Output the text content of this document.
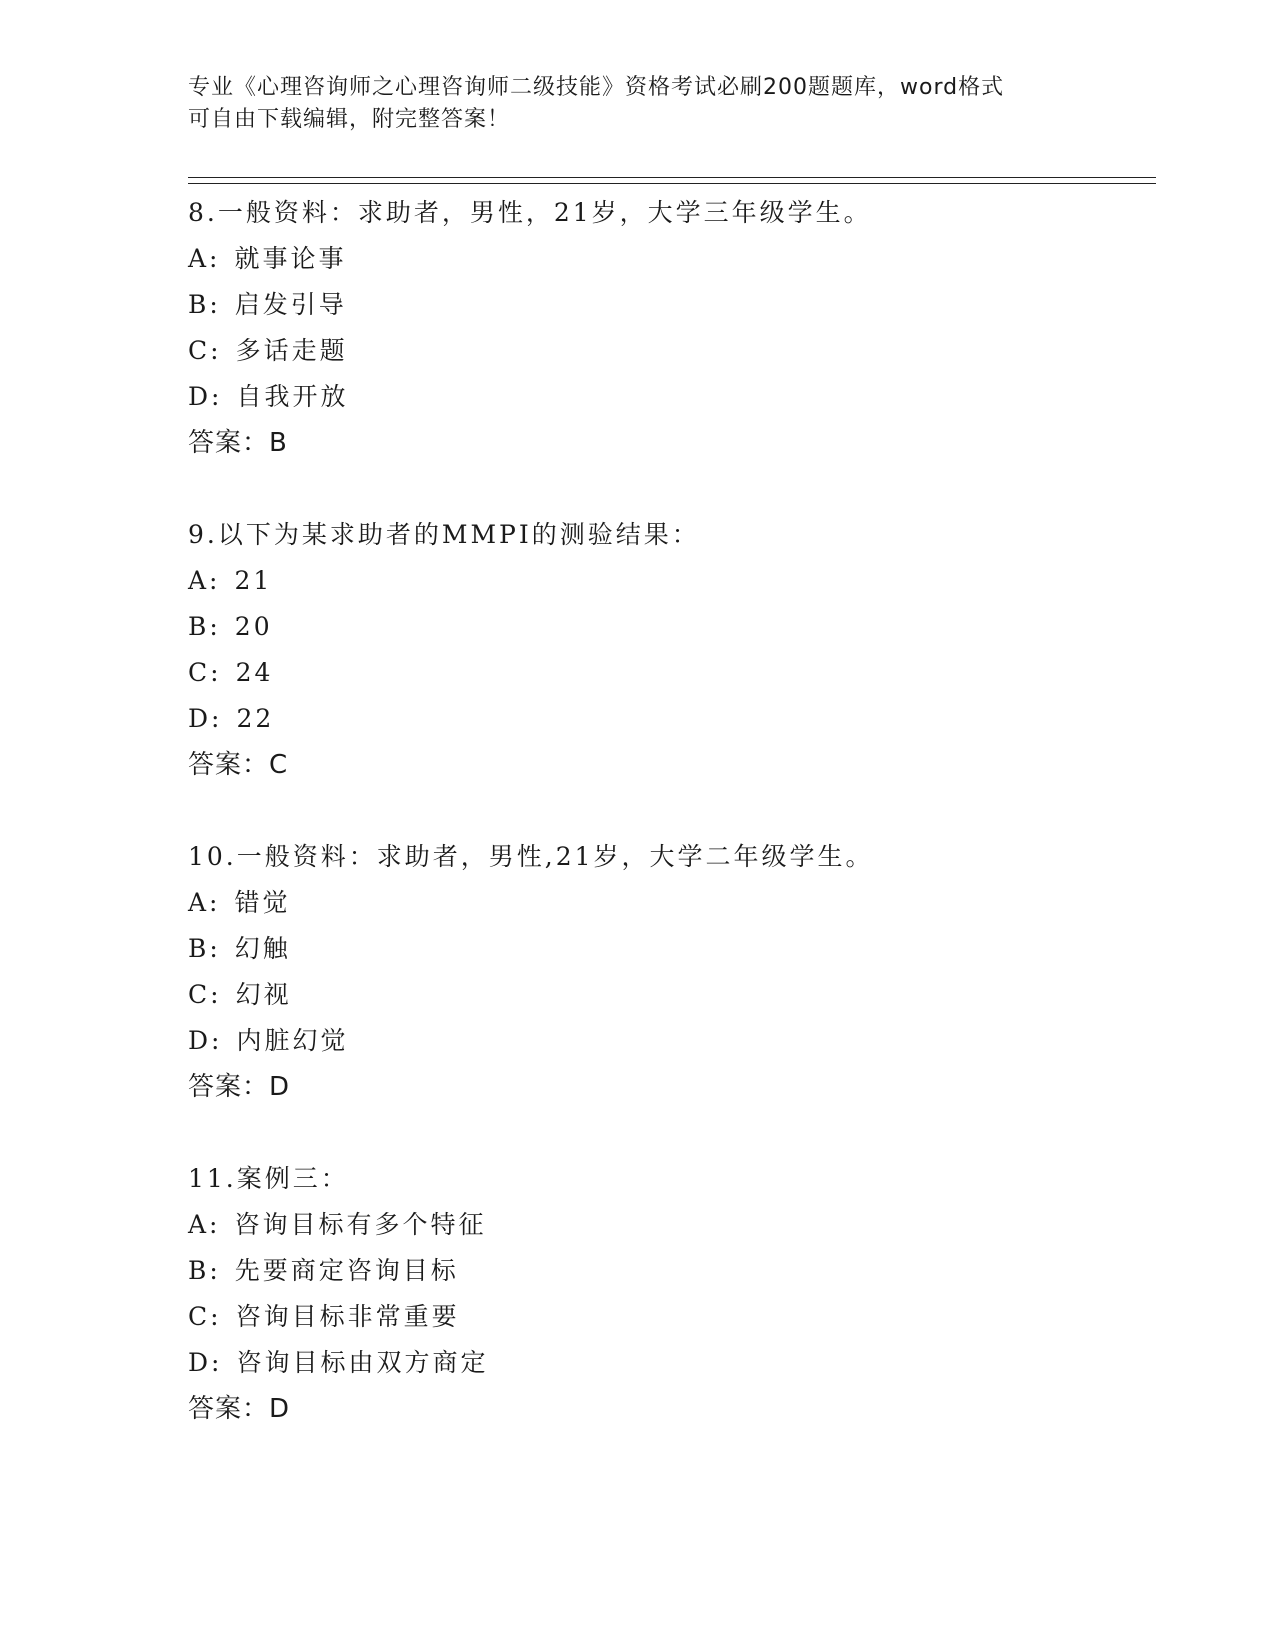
专业《心理咨询师之心理咨询师二级技能》资格考试必刷200题题库，word格式
可自由下载编辑，附完整答案！
8.一般资料：求助者，男性，21岁，大学三年级学生。
A: 就事论事
B: 启发引导
C: 多话走题
D: 自我开放
答案：B
9.以下为某求助者的MMPI的测验结果：
A: 21
B: 20
C: 24
D: 22
答案：C
10.一般资料：求助者，男性,21岁，大学二年级学生。
A: 错觉
B: 幻触
C: 幻视
D: 内脏幻觉
答案：D
11.案例三：
A: 咨询目标有多个特征
B: 先要商定咨询目标
C: 咨询目标非常重要
D: 咨询目标由双方商定
答案：D
